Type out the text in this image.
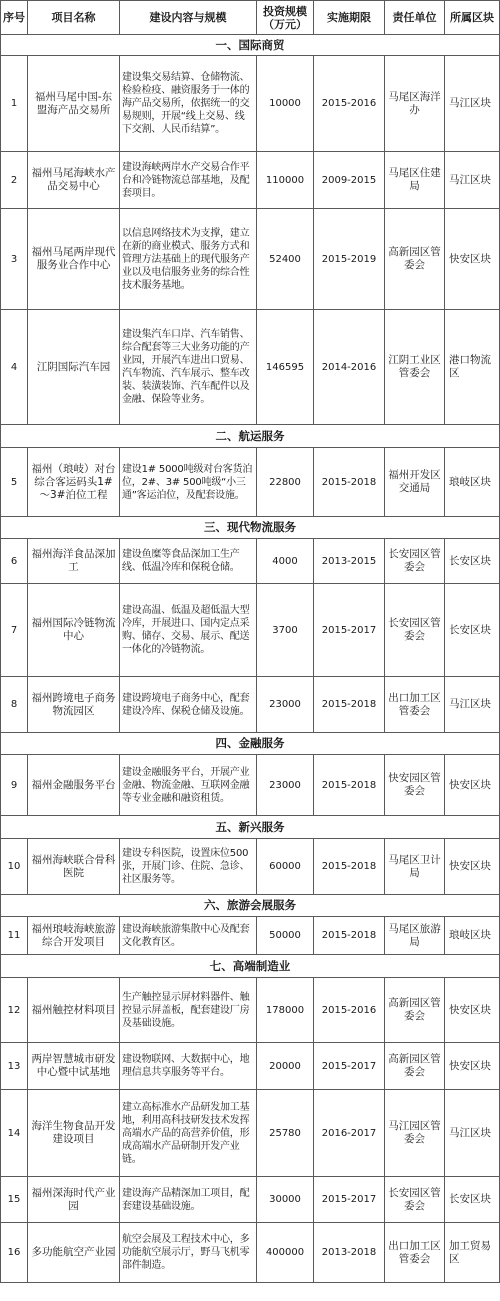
序号	项目名称	建设内容与规模	投资规模（万元）	实施期限	责任单位	所属区块
一、国际商贸						
1	福州马尾中国-东盟海产品交易所	建设集交易结算、仓储物流、检验检疫、融资服务于一体的海产品交易所，依据统一的交易规则，开展“线上交易、线下交割、人民币结算”。	10000	2015-2016	马尾区海洋办	马江区块
2	福州马尾海峡水产品交易中心	建设海峡两岸水产交易合作平台和冷链物流总部基地，及配套项目。	110000	2009-2015	马尾区住建局	马江区块
3	福州马尾两岸现代服务业合作中心	以信息网络技术为支撑，建立在新的商业模式、服务方式和管理方法基础上的现代服务产业以及电信服务业务的综合性技术服务基地。	52400	2015-2019	高新园区管委会	快安区块
4	江阴国际汽车园	建设集汽车口岸、汽车销售、综合配套等三大业务功能的产业园，开展汽车进出口贸易、汽车物流、汽车展示、整车改装、装潢装饰、汽车配件以及金融、保险等业务。	146595	2014-2016	江阴工业区管委会	港口物流区
二、航运服务						
5	福州（琅岐）对台综合客运码头1#～3#泊位工程	建设1# 5000吨级对台客货泊位，2#、3# 500吨级“小三通”客运泊位，及配套设施。	22800	2015-2018	福州开发区交通局	琅岐区块
三、现代物流服务						
6	福州海洋食品深加工	建设鱼糜等食品深加工生产线、低温冷库和保税仓储。	4000	2013-2015	长安园区管委会	长安区块
7	福州国际冷链物流中心	建设高温、低温及超低温大型冷库，开展进口、国内定点采购、储存、交易、展示、配送一体化的冷链物流。	3700	2015-2017	长安园区管委会	长安区块
8	福州跨境电子商务物流园区	建设跨境电子商务中心，配套建设冷库、保税仓储及设施。	23000	2015-2018	出口加工区管委会	马江区块
四、金融服务						
9	福州金融服务平台	建设金融服务平台，开展产业金融、物流金融、互联网金融等专业金融和融资租赁。	23000	2015-2018	快安园区管委会	快安区块
五、新兴服务						
10	福州海峡联合骨科医院	建设专科医院，设置床位500张，开展门诊、住院、急诊、社区服务等。	60000	2015-2018	马尾区卫计局	快安区块
六、旅游会展服务						
11	福州琅岐海峡旅游综合开发项目	建设海峡旅游集散中心及配套文化教育区。	50000	2015-2018	马尾区旅游局	琅岐区块
七、高端制造业						
12	福州触控材料项目	生产触控显示屏材料器件、触控显示屏盖板，配套建设厂房及基础设施。	178000	2015-2016	高新园区管委会	快安区块
13	两岸智慧城市研发中心暨中试基地	建设物联网、大数据中心，地理信息共享服务等平台。	20000	2015-2017	高新园区管委会	快安区块
14	海洋生物食品开发建设项目	建立高标准水产品研发加工基地，利用高科技研发技术发挥高端水产品的高营养价值，形成高端水产品研制开发产业链。	25780	2016-2017	马江园区管委会	马江区块
15	福州深海时代产业园	建设海产品精深加工项目，配套建设基础设施。	30000	2015-2017	长安园区管委会	长安区块
16	多功能航空产业园	航空会展及工程技术中心，多功能航空展示厅，野马飞机零部件制造。	400000	2013-2018	出口加工区管委会	加工贸易区
